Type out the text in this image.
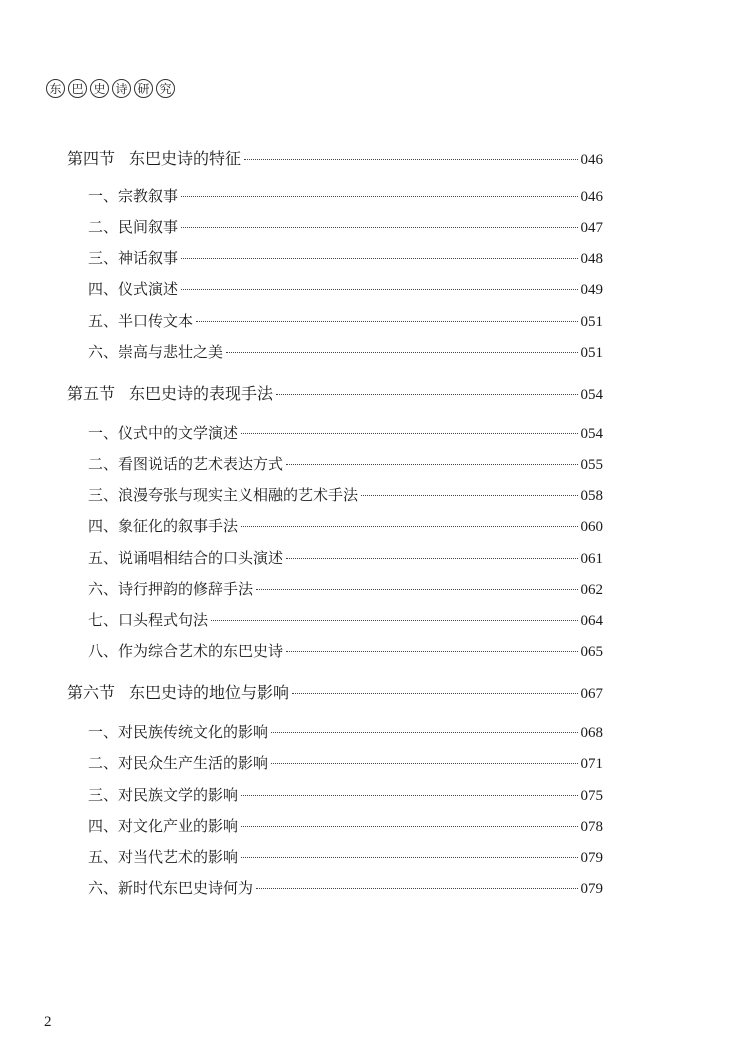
东 巴 史 诗 研 究
第四节 东巴史诗的特征	046
一、宗教叙事	046
二、民间叙事	047
三、神话叙事	048
四、仪式演述	049
五、半口传文本	051
六、崇高与悲壮之美	051
第五节 东巴史诗的表现手法	054
一、仪式中的文学演述	054
二、看图说话的艺术表达方式	055
三、浪漫夸张与现实主义相融的艺术手法	058
四、象征化的叙事手法	060
五、说诵唱相结合的口头演述	061
六、诗行押韵的修辞手法	062
七、口头程式句法	064
八、作为综合艺术的东巴史诗	065
第六节 东巴史诗的地位与影响	067
一、对民族传统文化的影响	068
二、对民众生产生活的影响	071
三、对民族文学的影响	075
四、对文化产业的影响	078
五、对当代艺术的影响	079
六、新时代东巴史诗何为	079
2
